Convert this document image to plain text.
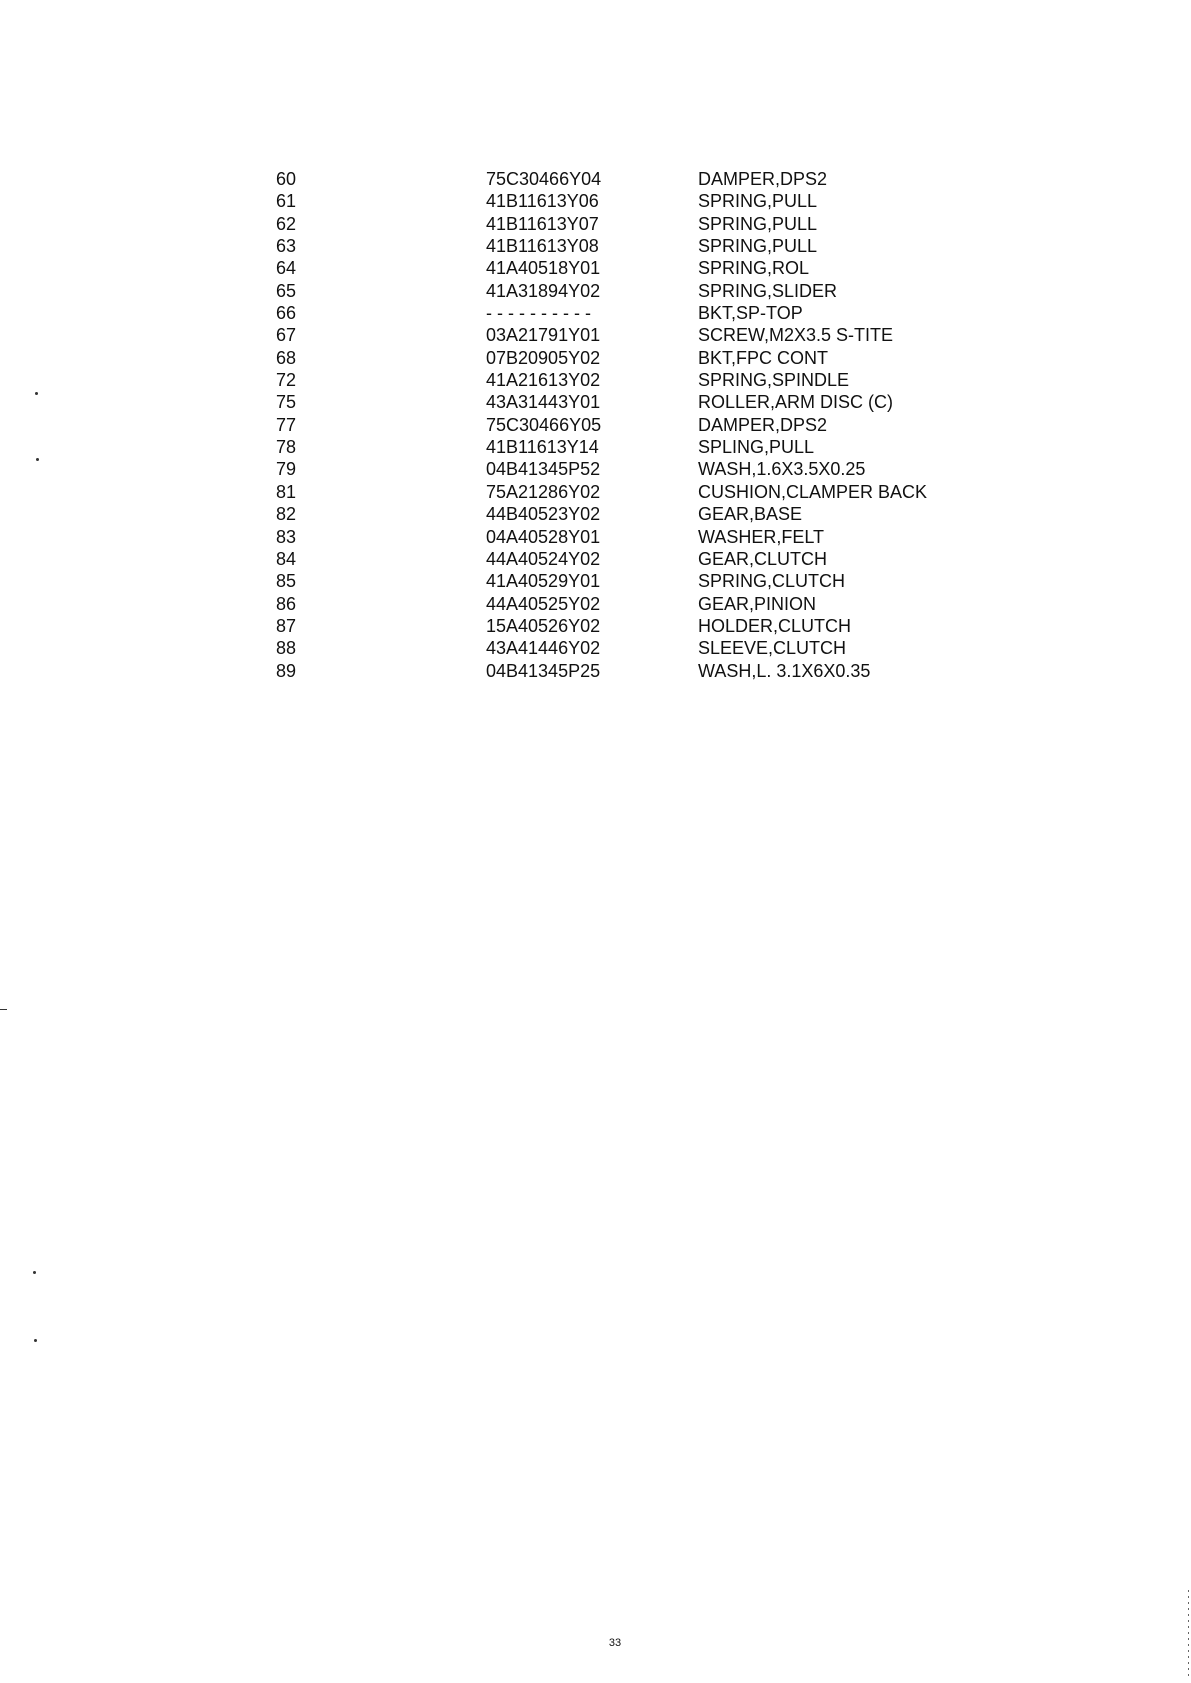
60	75C30466Y04	DAMPER,DPS2
61	41B11613Y06	SPRING,PULL
62	41B11613Y07	SPRING,PULL
63	41B11613Y08	SPRING,PULL
64	41A40518Y01	SPRING,ROL
65	41A31894Y02	SPRING,SLIDER
66	- - - - - - - - - -	BKT,SP-TOP
67	03A21791Y01	SCREW,M2X3.5 S-TITE
68	07B20905Y02	BKT,FPC CONT
72	41A21613Y02	SPRING,SPINDLE
75	43A31443Y01	ROLLER,ARM DISC (C)
77	75C30466Y05	DAMPER,DPS2
78	41B11613Y14	SPLING,PULL
79	04B41345P52	WASH,1.6X3.5X0.25
81	75A21286Y02	CUSHION,CLAMPER BACK
82	44B40523Y02	GEAR,BASE
83	04A40528Y01	WASHER,FELT
84	44A40524Y02	GEAR,CLUTCH
85	41A40529Y01	SPRING,CLUTCH
86	44A40525Y02	GEAR,PINION
87	15A40526Y02	HOLDER,CLUTCH
88	43A41446Y02	SLEEVE,CLUTCH
89	04B41345P25	WASH,L. 3.1X6X0.35
33
